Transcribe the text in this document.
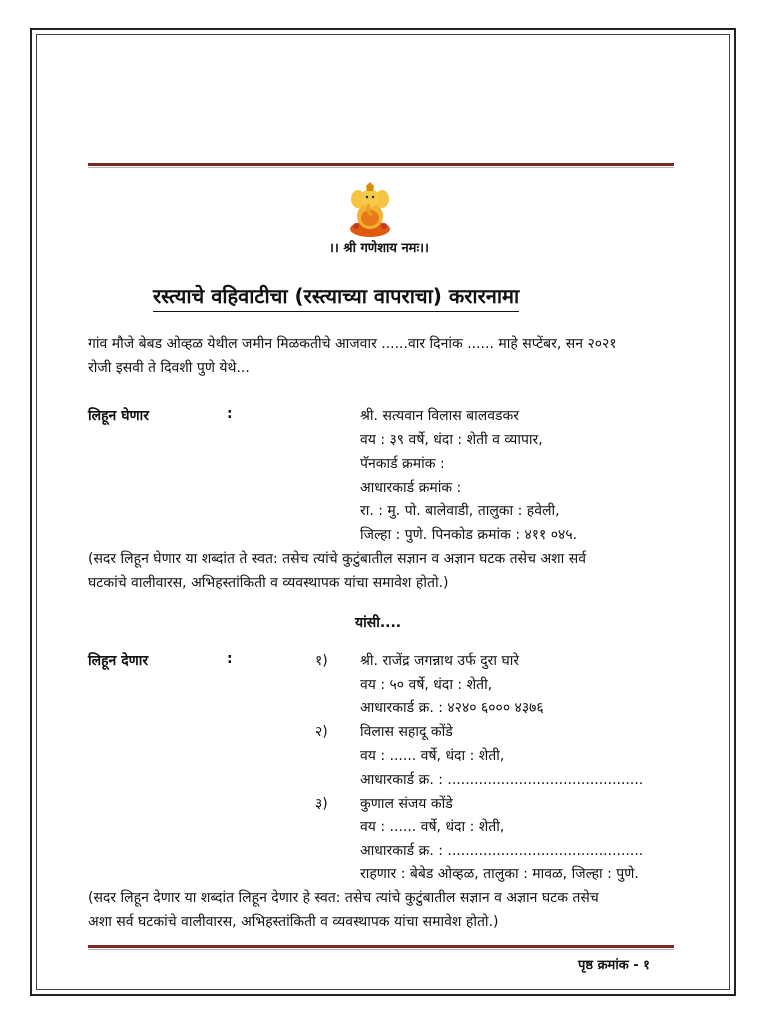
।। श्री गणेशाय नमः।।
रस्त्याचे वहिवाटीचा (रस्त्याच्या वापराचा) करारनामा
गांव मौजे बेबड ओव्हळ येथील जमीन मिळकतीचे आजवार ......वार दिनांक ...... माहे सप्टेंबर, सन २०२१
रोजी इसवी ते दिवशी पुणे येथे...
लिहून घेणार	:	श्री. सत्यवान विलास बालवडकर
वय : ३९ वर्षे, धंदा : शेती व व्यापार,
पॅनकार्ड क्रमांक :
आधारकार्ड क्रमांक :
रा. : मु. पो. बालेवाडी, तालुका : हवेली,
जिल्हा : पुणे. पिनकोड क्रमांक : ४११ ०४५.
(सदर लिहून घेणार या शब्दांत ते स्वत: तसेच त्यांचे कुटुंबातील सज्ञान व अज्ञान घटक तसेच अशा सर्व
घटकांचे वालीवारस, अभिहस्तांकिती व व्यवस्थापक यांचा समावेश होतो.)
यांसी....
लिहून देणार	:	१) श्री. राजेंद्र जगन्नाथ उर्फ दुरा घारे
वय : ५० वर्षे, धंदा : शेती,
आधारकार्ड क्र. : ४२४० ६००० ४३७६
२) विलास सहादू कोंडे
वय : ...... वर्षे, धंदा : शेती,
आधारकार्ड क्र. : ............................................
३) कुणाल संजय कोंडे
वय : ...... वर्षे, धंदा : शेती,
आधारकार्ड क्र. : ............................................
राहणार : बेबेड ओव्हळ, तालुका : मावळ, जिल्हा : पुणे.
(सदर लिहून देणार या शब्दांत लिहून देणार हे स्वत: तसेच त्यांचे कुटुंबातील सज्ञान व अज्ञान घटक तसेच
अशा सर्व घटकांचे वालीवारस, अभिहस्तांकिती व व्यवस्थापक यांचा समावेश होतो.)
पृष्ठ क्रमांक - १
